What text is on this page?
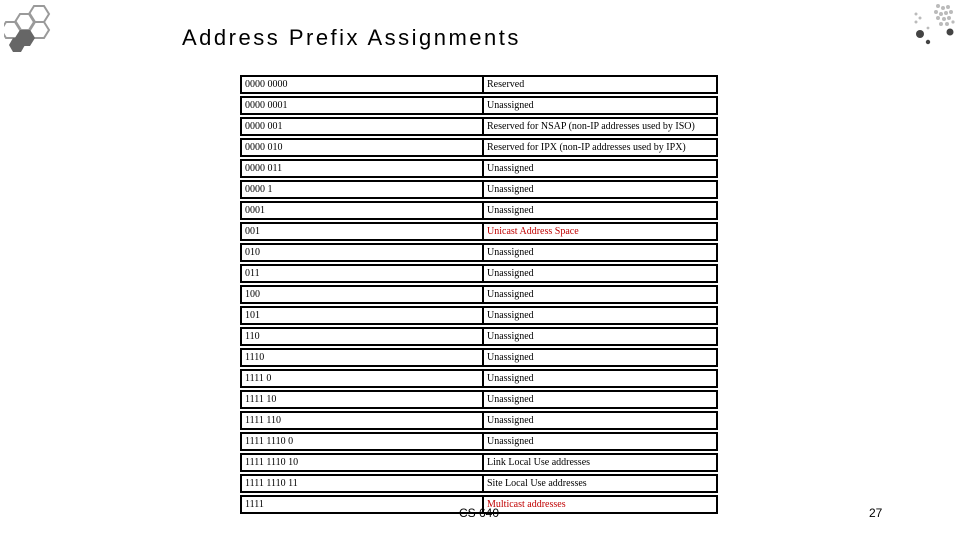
Address Prefix Assignments
0000 0000	Reserved
0000 0001	Unassigned
0000 001	Reserved for NSAP (non-IP addresses used by ISO)
0000 010	Reserved for IPX (non-IP addresses used by IPX)
0000 011	Unassigned
0000 1	Unassigned
0001	Unassigned
001	Unicast Address Space
010	Unassigned
011	Unassigned
100	Unassigned
101	Unassigned
110	Unassigned
1110	Unassigned
1111 0	Unassigned
1111 10	Unassigned
1111 110	Unassigned
1111 1110 0	Unassigned
1111 1110 10	Link Local Use addresses
1111 1110 11	Site Local Use addresses
1111	Multicast addresses
CS 640	27
